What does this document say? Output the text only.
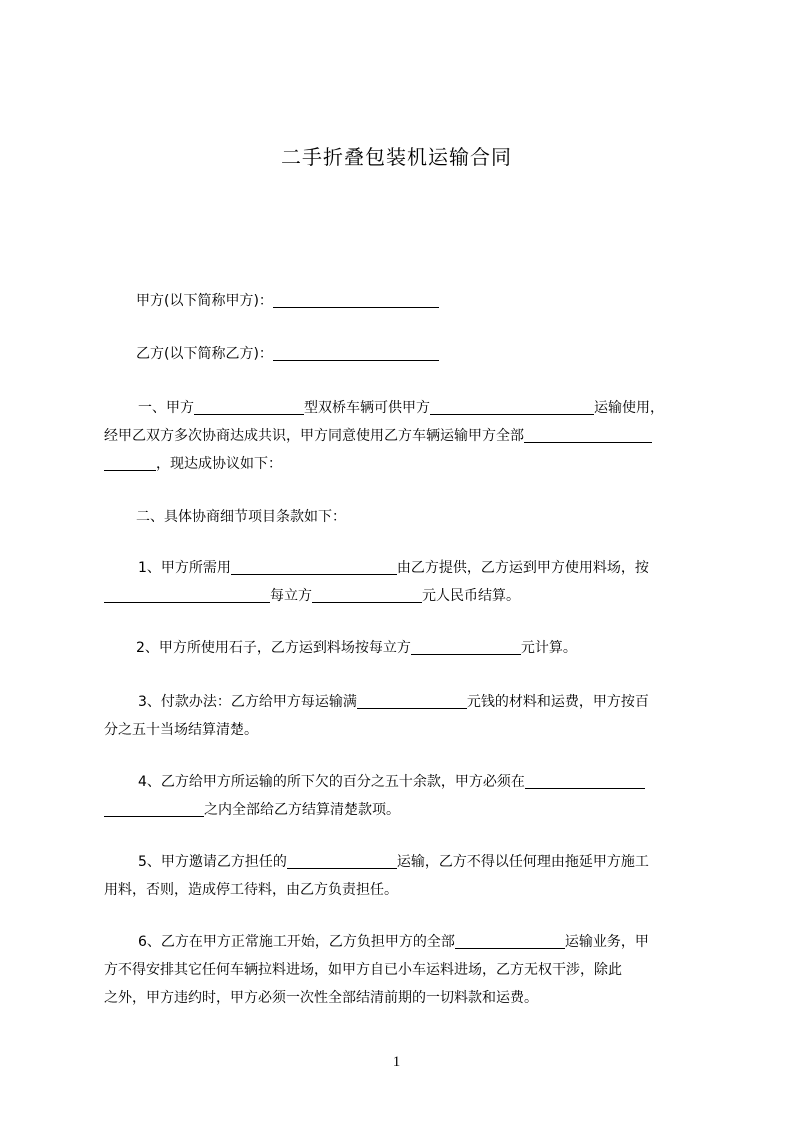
二手折叠包装机运输合同
甲方(以下简称甲方)：
乙方(以下简称乙方)：
一、甲方	型双桥车辆可供甲方	运输使用，
经甲乙双方多次协商达成共识，甲方同意使用乙方车辆运输甲方全部
，现达成协议如下：
二、具体协商细节项目条款如下：
1、甲方所需用	由乙方提供，乙方运到甲方使用料场，按
每立方	元人民币结算。
2、甲方所使用石子，乙方运到料场按每立方	元计算。
3、付款办法：乙方给甲方每运输满	元钱的材料和运费，甲方按百
分之五十当场结算清楚。
4、乙方给甲方所运输的所下欠的百分之五十余款，甲方必须在
之内全部给乙方结算清楚款项。
5、甲方邀请乙方担任的	运输，乙方不得以任何理由拖延甲方施工
用料，否则，造成停工待料，由乙方负责担任。
6、乙方在甲方正常施工开始，乙方负担甲方的全部	运输业务，甲
方不得安排其它任何车辆拉料进场，如甲方自已小车运料进场，乙方无权干涉，除此
之外，甲方违约时，甲方必须一次性全部结清前期的一切料款和运费。
1
